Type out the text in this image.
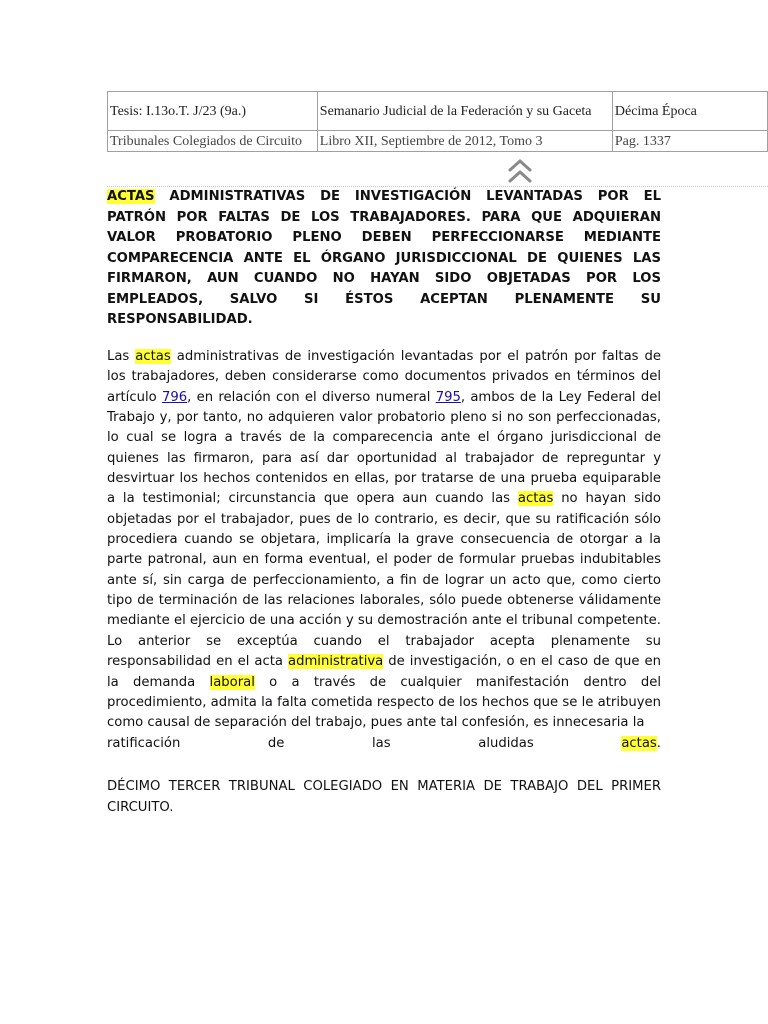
Tesis: I.13o.T. J/23 (9a.)	Semanario Judicial de la Federación y su Gaceta	Décima Época
Tribunales Colegiados de Circuito	Libro XII, Septiembre de 2012, Tomo 3	Pag. 1337

ACTAS ADMINISTRATIVAS DE INVESTIGACIÓN LEVANTADAS POR EL PATRÓN POR FALTAS DE LOS TRABAJADORES. PARA QUE ADQUIERAN VALOR PROBATORIO PLENO DEBEN PERFECCIONARSE MEDIANTE COMPARECENCIA ANTE EL ÓRGANO JURISDICCIONAL DE QUIENES LAS FIRMARON, AUN CUANDO NO HAYAN SIDO OBJETADAS POR LOS EMPLEADOS, SALVO SI ÉSTOS ACEPTAN PLENAMENTE SU RESPONSABILIDAD.

Las actas administrativas de investigación levantadas por el patrón por faltas de los trabajadores, deben considerarse como documentos privados en términos del artículo 796, en relación con el diverso numeral 795, ambos de la Ley Federal del Trabajo y, por tanto, no adquieren valor probatorio pleno si no son perfeccionadas, lo cual se logra a través de la comparecencia ante el órgano jurisdiccional de quienes las firmaron, para así dar oportunidad al trabajador de repreguntar y desvirtuar los hechos contenidos en ellas, por tratarse de una prueba equiparable a la testimonial; circunstancia que opera aun cuando las actas no hayan sido objetadas por el trabajador, pues de lo contrario, es decir, que su ratificación sólo procediera cuando se objetara, implicaría la grave consecuencia de otorgar a la parte patronal, aun en forma eventual, el poder de formular pruebas indubitables ante sí, sin carga de perfeccionamiento, a fin de lograr un acto que, como cierto tipo de terminación de las relaciones laborales, sólo puede obtenerse válidamente mediante el ejercicio de una acción y su demostración ante el tribunal competente. Lo anterior se exceptúa cuando el trabajador acepta plenamente su responsabilidad en el acta administrativa de investigación, o en el caso de que en la demanda laboral o a través de cualquier manifestación dentro del procedimiento, admita la falta cometida respecto de los hechos que se le atribuyen como causal de separación del trabajo, pues ante tal confesión, es innecesaria la
ratificación de las aludidas actas.

DÉCIMO TERCER TRIBUNAL COLEGIADO EN MATERIA DE TRABAJO DEL PRIMER CIRCUITO.
